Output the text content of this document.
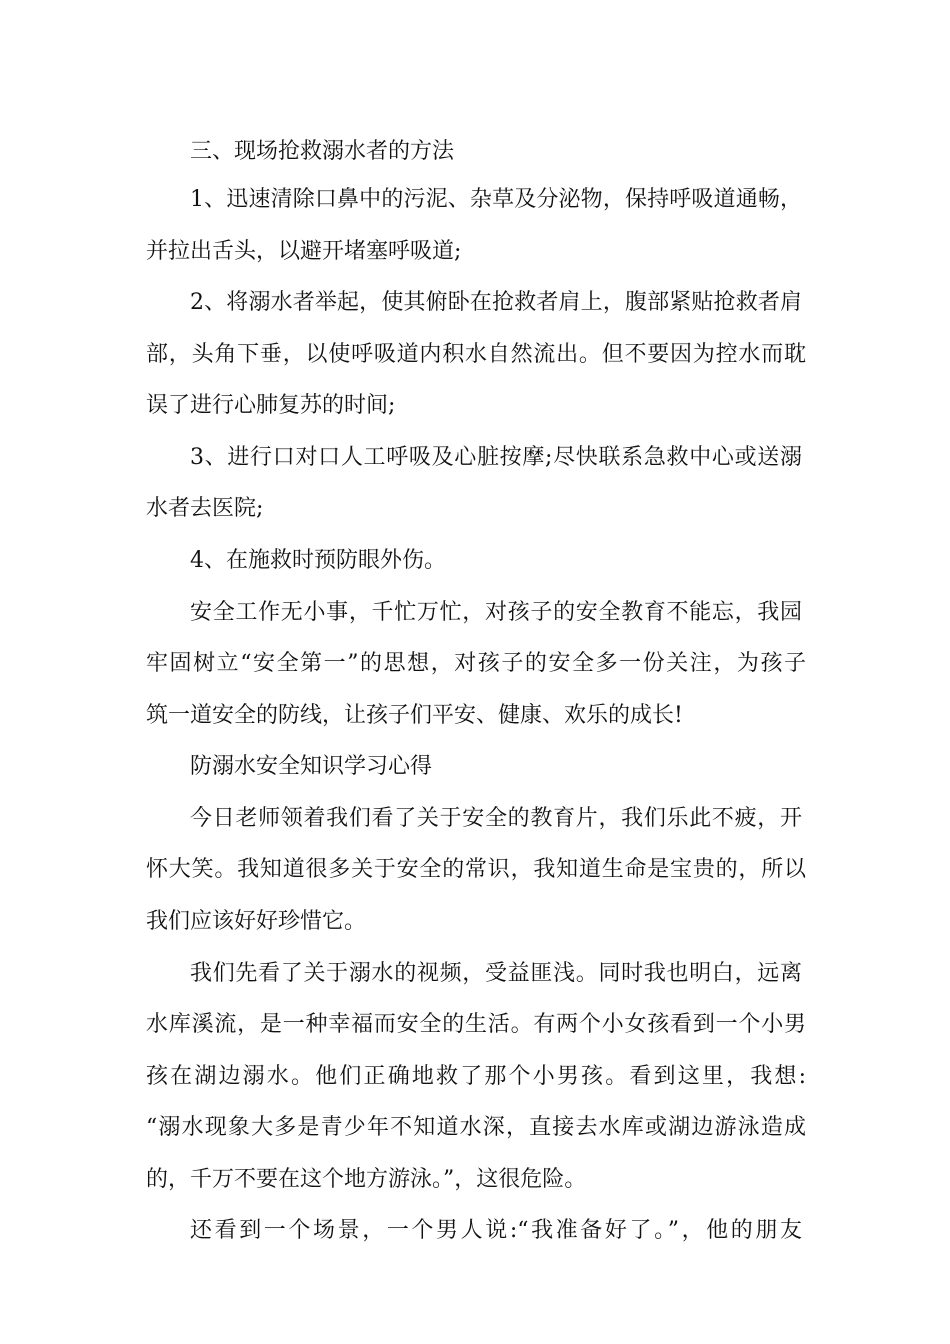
三、现场抢救溺水者的方法

1、迅速清除口鼻中的污泥、杂草及分泌物，保持呼吸道通畅，

并拉出舌头，以避开堵塞呼吸道;

2、将溺水者举起，使其俯卧在抢救者肩上，腹部紧贴抢救者肩

部，头角下垂，以使呼吸道内积水自然流出。但不要因为控水而耽

误了进行心肺复苏的时间;

3、进行口对口人工呼吸及心脏按摩;尽快联系急救中心或送溺

水者去医院;

4、在施救时预防眼外伤。

安全工作无小事，千忙万忙，对孩子的安全教育不能忘，我园

牢固树立“安全第一”的思想，对孩子的安全多一份关注，为孩子

筑一道安全的防线，让孩子们平安、健康、欢乐的成长!

防溺水安全知识学习心得

今日老师领着我们看了关于安全的教育片，我们乐此不疲，开

怀大笑。我知道很多关于安全的常识，我知道生命是宝贵的，所以

我们应该好好珍惜它。

我们先看了关于溺水的视频，受益匪浅。同时我也明白，远离

水库溪流，是一种幸福而安全的生活。有两个小女孩看到一个小男

孩在湖边溺水。他们正确地救了那个小男孩。看到这里，我想:

“溺水现象大多是青少年不知道水深，直接去水库或湖边游泳造成

的，千万不要在这个地方游泳。”，这很危险。

还看到一个场景，一个男人说:“我准备好了。”，他的朋友
